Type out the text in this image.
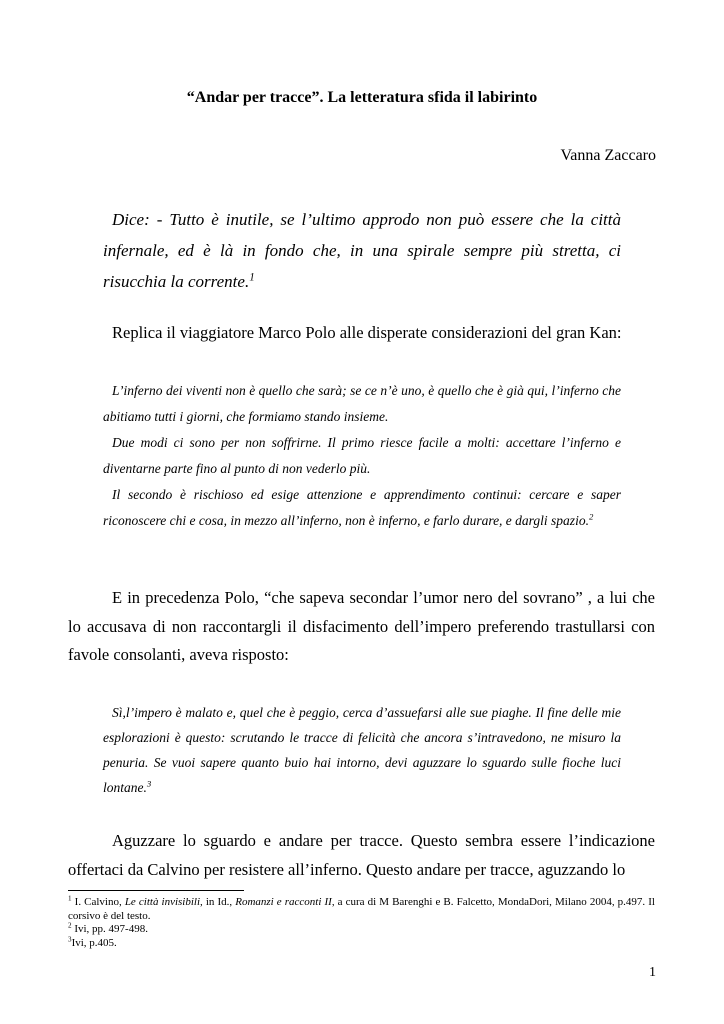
“Andar per tracce”. La letteratura sfida il labirinto
Vanna Zaccaro
Dice: - Tutto è inutile, se l’ultimo approdo non può essere che la città infernale, ed è là in fondo che, in una spirale sempre più stretta, ci risucchia la corrente.$^1$
Replica il viaggiatore Marco Polo alle disperate considerazioni del gran Kan:

L’inferno dei viventi non è quello che sarà; se ce n’è uno, è quello che è già qui, l’inferno che abitiamo tutti i giorni, che formiamo stando insieme.

Due modi ci sono per non soffrirne. Il primo riesce facile a molti: accettare l’inferno e diventarne parte fino al punto di non vederlo più.

Il secondo è rischioso ed esige attenzione e apprendimento continui: cercare e saper riconoscere chi e cosa, in mezzo all’inferno, non è inferno, e farlo durare, e dargli spazio.$^2$

E in precedenza Polo, “che sapeva secondar l’umor nero del sovrano” , a lui che lo accusava di non raccontargli il disfacimento dell’impero preferendo trastullarsi con favole consolanti, aveva risposto:

Sì,l’impero è malato e, quel che è peggio, cerca d’assuefarsi alle sue piaghe. Il fine delle mie esplorazioni è questo: scrutando le tracce di felicità che ancora s’intravedono, ne misuro la penuria. Se vuoi sapere quanto buio hai intorno, devi aguzzare lo sguardo sulle fioche luci lontane.$^3$

Aguzzare lo sguardo e andare per tracce. Questo sembra essere l’indicazione offertaci da Calvino per resistere all’inferno. Questo andare per tracce, aguzzando lo

$^1$ I. Calvino, Le città invisibili, in Id., Romanzi e racconti II, a cura di M Barenghi e B. Falcetto, MondaDori, Milano 2004, p.497. Il corsivo è del testo.

$^2$ Ivi, pp. 497-498.

$^3$Ivi, p.405.

1
